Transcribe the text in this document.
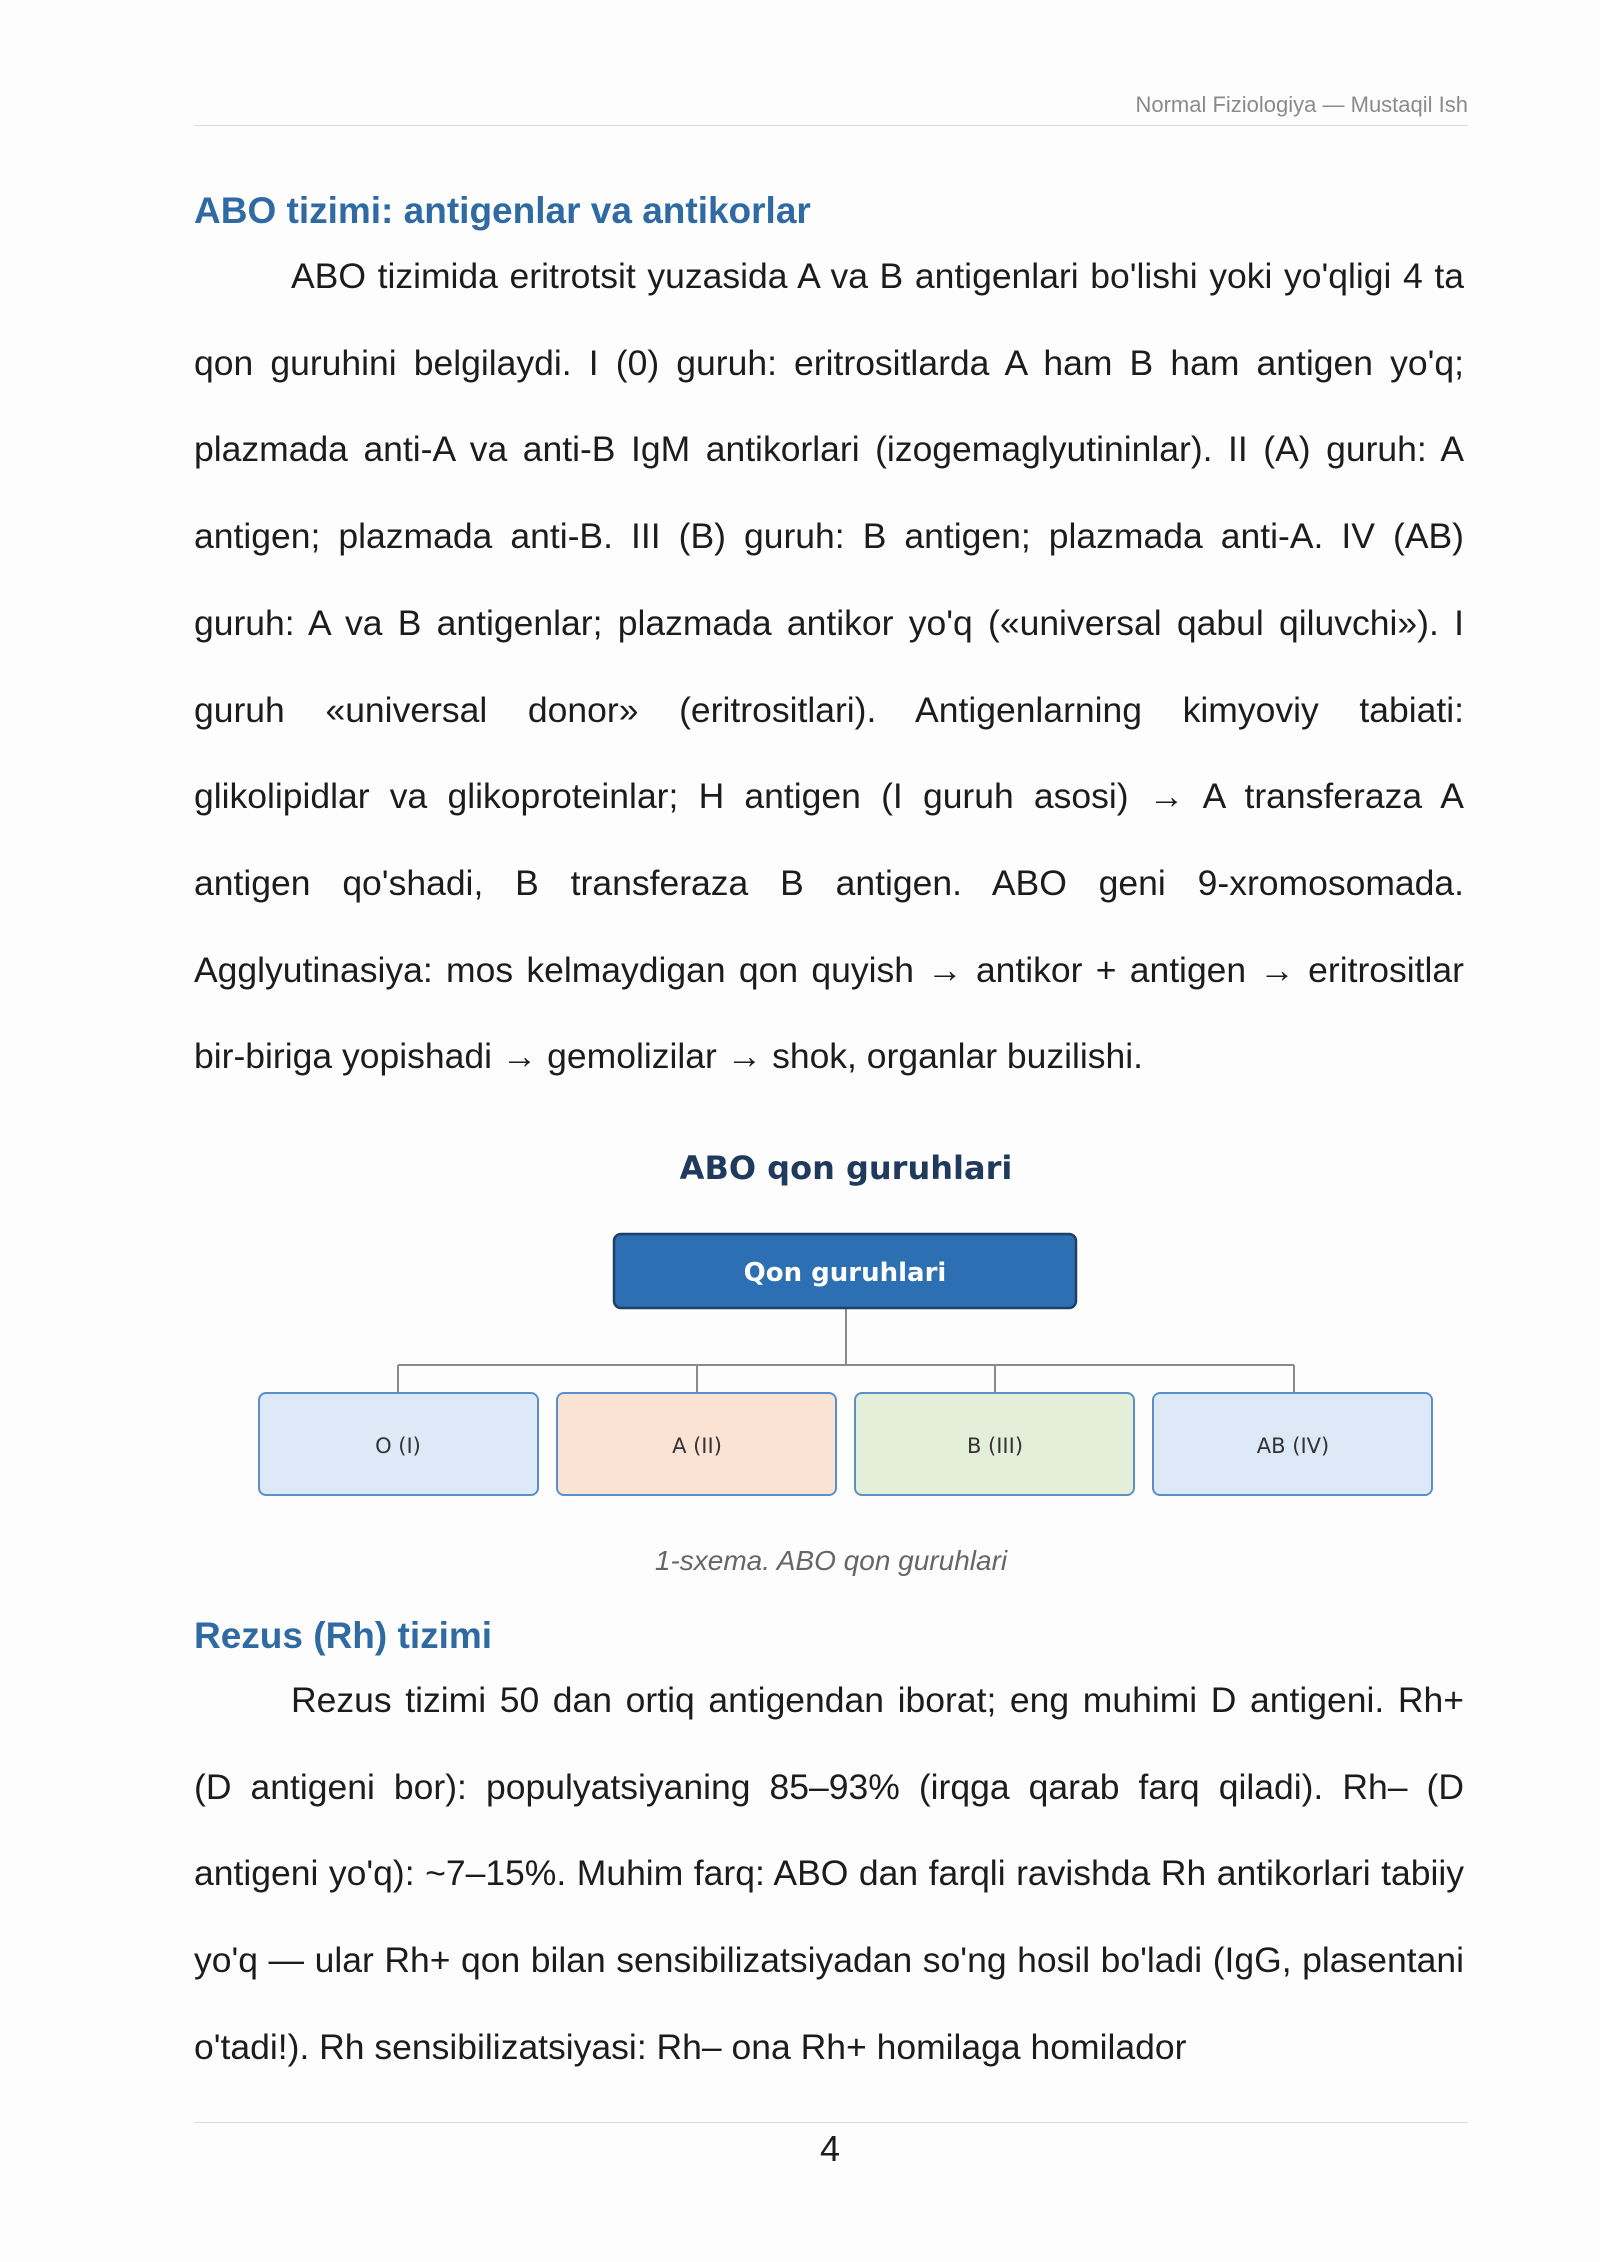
Normal Fiziologiya — Mustaqil Ish
ABO tizimi: antigenlar va antikorlar

ABO tizimida eritrotsit yuzasida A va B antigenlari bo'lishi yoki yo'qligi 4 ta qon guruhini belgilaydi. I (0) guruh: eritrositlarda A ham B ham antigen yo'q; plazmada anti-A va anti-B IgM antikorlari (izogemaglyutininlar). II (A) guruh: A antigen; plazmada anti-B. III (B) guruh: B antigen; plazmada anti-A. IV (AB) guruh: A va B antigenlar; plazmada antikor yo'q («universal qabul qiluvchi»). I guruh «universal donor» (eritrositlari). Antigenlarning kimyoviy tabiati: glikolipidlar va glikoproteinlar; H antigen (I guruh asosi) → A transferaza A antigen qo'shadi, B transferaza B antigen. ABO geni 9-xromosomada. Agglyutinasiya: mos kelmaydigan qon quyish → antikor + antigen → eritrositlar bir-biriga yopishadi → gemolizilar → shok, organlar buzilishi.

ABO qon guruhlari
Qon guruhlari
O (I)	A (II)	B (III)	AB (IV)
1-sxema. ABO qon guruhlari
Rezus (Rh) tizimi

Rezus tizimi 50 dan ortiq antigendan iborat; eng muhimi D antigeni. Rh+ (D antigeni bor): populyatsiyaning 85–93% (irqga qarab farq qiladi). Rh– (D antigeni yo'q): ~7–15%. Muhim farq: ABO dan farqli ravishda Rh antikorlari tabiiy yo'q — ular Rh+ qon bilan sensibilizatsiyadan so'ng hosil bo'ladi (IgG, plasentani o'tadi!). Rh sensibilizatsiyasi: Rh– ona Rh+ homilaga homilador

4
